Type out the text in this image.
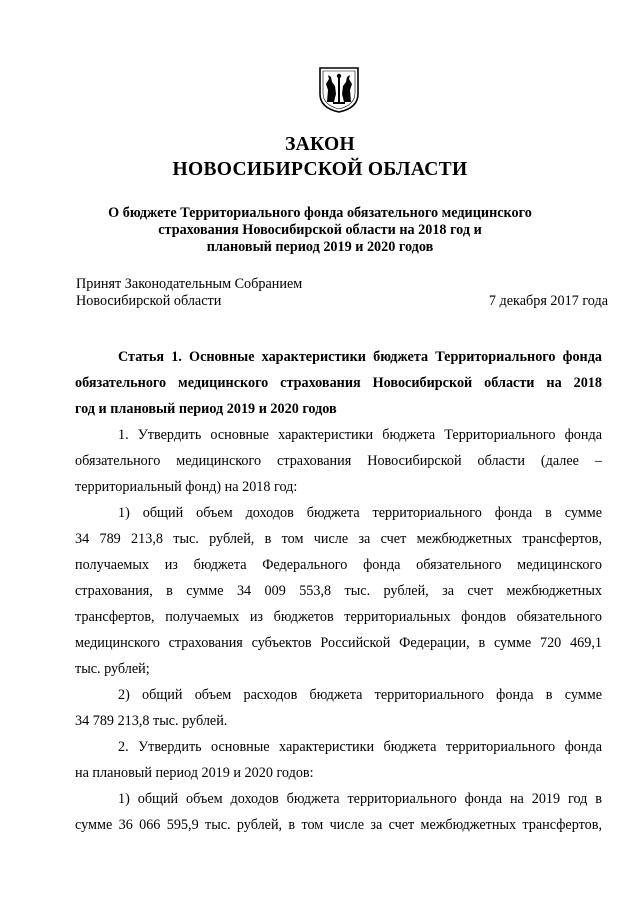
ЗАКОН
НОВОСИБИРСКОЙ ОБЛАСТИ
О бюджете Территориального фонда обязательного медицинского
страхования Новосибирской области на 2018 год и
плановый период 2019 и 2020 годов
Принят Законодательным Собранием
Новосибирской области	7 декабря 2017 года
Статья 1. Основные характеристики бюджета Территориального фонда
обязательного медицинского страхования Новосибирской области на 2018
год и плановый период 2019 и 2020 годов
1. Утвердить основные характеристики бюджета Территориального фонда
обязательного медицинского страхования Новосибирской области (далее –
территориальный фонд) на 2018 год:
1) общий объем доходов бюджета территориального фонда в сумме
34 789 213,8 тыс. рублей, в том числе за счет межбюджетных трансфертов,
получаемых из бюджета Федерального фонда обязательного медицинского
страхования, в сумме 34 009 553,8 тыс. рублей, за счет межбюджетных
трансфертов, получаемых из бюджетов территориальных фондов обязательного
медицинского страхования субъектов Российской Федерации, в сумме 720 469,1
тыс. рублей;
2) общий объем расходов бюджета территориального фонда в сумме
34 789 213,8 тыс. рублей.
2. Утвердить основные характеристики бюджета территориального фонда
на плановый период 2019 и 2020 годов:
1) общий объем доходов бюджета территориального фонда на 2019 год в
сумме 36 066 595,9 тыс. рублей, в том числе за счет межбюджетных трансфертов,
